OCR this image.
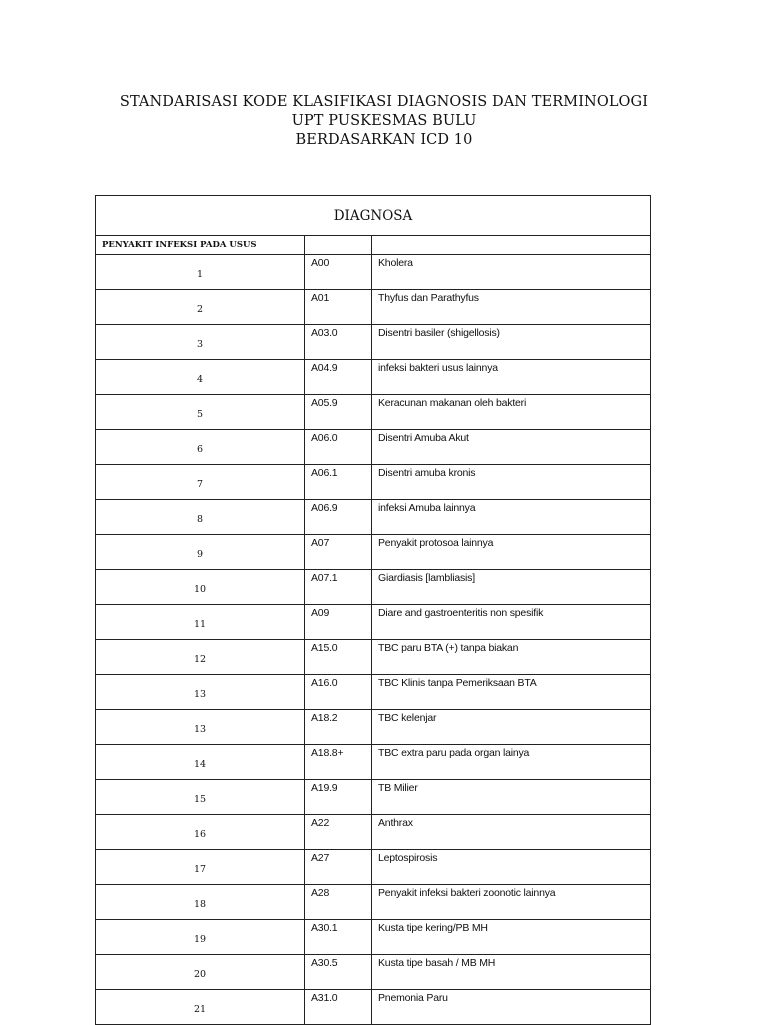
STANDARISASI KODE KLASIFIKASI DIAGNOSIS DAN TERMINOLOGI
UPT PUSKESMAS BULU
BERDASARKAN ICD 10
DIAGNOSA		
PENYAKIT INFEKSI PADA USUS		
1	A00	Kholera
2	A01	Thyfus dan Parathyfus
3	A03.0	Disentri basiler (shigellosis)
4	A04.9	infeksi bakteri usus lainnya
5	A05.9	Keracunan makanan oleh bakteri
6	A06.0	Disentri Amuba Akut
7	A06.1	Disentri amuba kronis
8	A06.9	infeksi Amuba lainnya
9	A07	Penyakit protosoa lainnya
10	A07.1	Giardiasis [lambliasis]
11	A09	Diare and gastroenteritis non spesifik
12	A15.0	TBC paru BTA (+) tanpa biakan
13	A16.0	TBC Klinis tanpa Pemeriksaan BTA
13	A18.2	TBC kelenjar
14	A18.8+	TBC extra paru pada organ lainya
15	A19.9	TB Milier
16	A22	Anthrax
17	A27	Leptospirosis
18	A28	Penyakit infeksi bakteri zoonotic lainnya
19	A30.1	Kusta tipe kering/PB MH
20	A30.5	Kusta tipe basah / MB MH
21	A31.0	Pnemonia Paru
